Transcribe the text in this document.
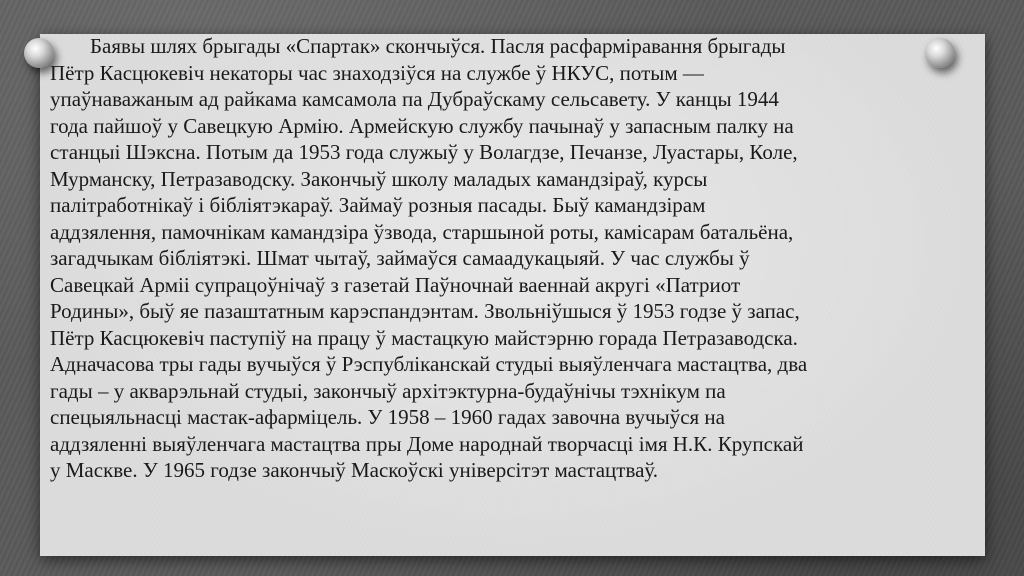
Баявы шлях брыгады «Спартак» скончыўся. Пасля расфарміравання брыгады
Пётр Касцюкевіч некаторы час знаходзіўся на службе ў НКУС, потым —
упаўнаважаным ад райкама камсамола па Дубраўскаму сельсавету. У канцы 1944
года пайшоў у Савецкую Армію. Армейскую службу пачынаў у запасным палку на
станцыі Шэксна. Потым да 1953 года служыў у Волагдзе, Печанзе, Луастары, Коле,
Мурманску, Петразаводску. Закончыў школу маладых камандзіраў, курсы
палітработнікаў і бібліятэкараў. Займаў розныя пасады. Быў камандзірам
аддзялення, памочнікам камандзіра ўзвода, старшыной роты, камісарам батальёна,
загадчыкам бібліятэкі. Шмат чытаў, займаўся самаадукацыяй. У час службы ў
Савецкай Арміі супрацоўнічаў з газетай Паўночнай ваеннай акругі «Патриот
Родины», быў яе пазаштатным карэспандэнтам. Звольніўшыся ў 1953 годзе ў запас,
Пётр Касцюкевіч паступіў на працу ў мастацкую майстэрню горада Петразаводска.
Адначасова тры гады вучыўся ў Рэспубліканскай студыі выяўленчага мастацтва, два
гады – у акварэльнай студыі, закончыў архітэктурна-будаўнічы тэхнікум па
спецыяльнасці мастак-афарміцель. У 1958 – 1960 гадах завочна вучыўся на
аддзяленні выяўленчага мастацтва пры Доме народнай творчасці імя Н.К. Крупскай
у Маскве. У 1965 годзе закончыў Маскоўскі універсітэт мастацтваў.
